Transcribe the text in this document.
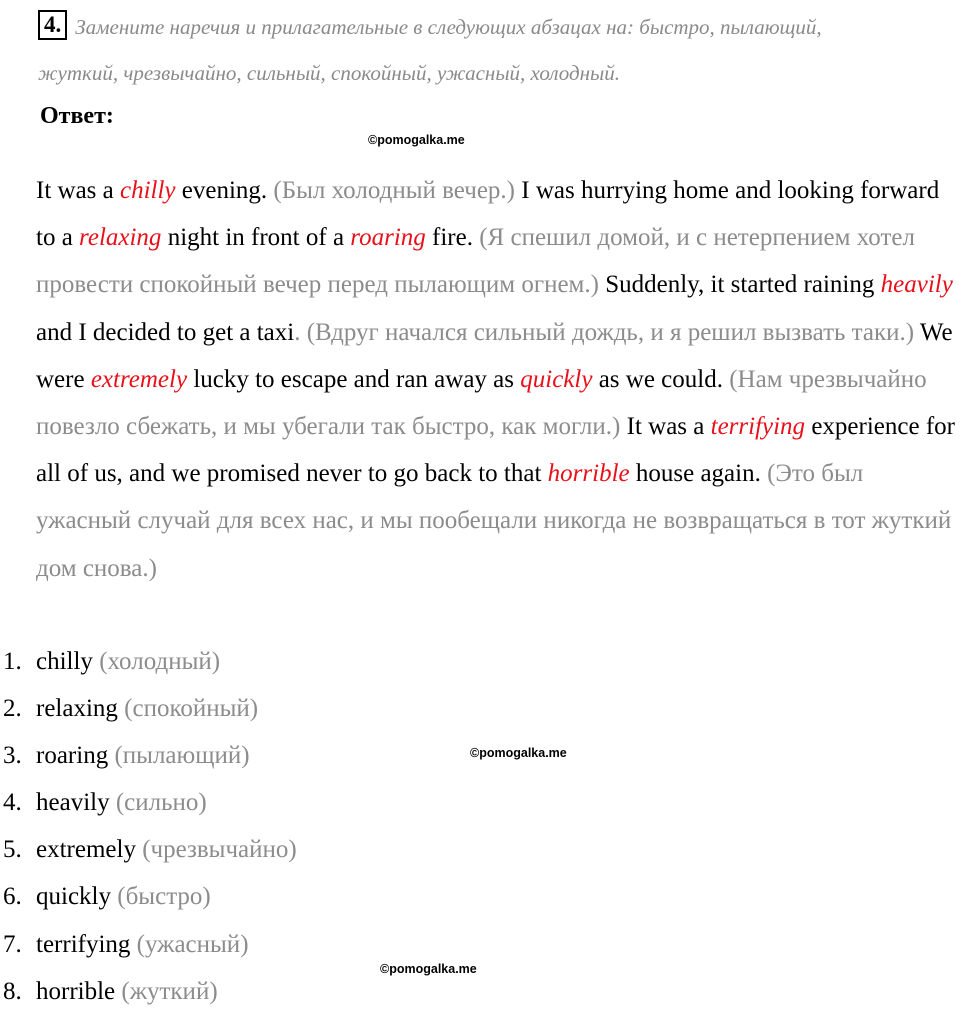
4. Замените наречия и прилагательные в следующих абзацах на: быстро, пылающий,
жуткий, чрезвычайно, сильный, спокойный, ужасный, холодный.
Ответ:
©pomogalka.me
©pomogalka.me
©pomogalka.me

It was a chilly evening. (Был холодный вечер.) I was hurrying home and looking forward to a relaxing night in front of a roaring fire. (Я спешил домой, и с нетерпением хотел провести спокойный вечер перед пылающим огнем.) Suddenly, it started raining heavily and I decided to get a taxi. (Вдруг начался сильный дождь, и я решил вызвать таки.) We were extremely lucky to escape and ran away as quickly as we could. (Нам чрезвычайно повезло сбежать, и мы убегали так быстро, как могли.) It was a terrifying experience for all of us, and we promised never to go back to that horrible house again. (Это был ужасный случай для всех нас, и мы пообещали никогда не возвращаться в тот жуткий дом снова.)

1. chilly (холодный)
2. relaxing (спокойный)
3. roaring (пылающий)
4. heavily (сильно)
5. extremely (чрезвычайно)
6. quickly (быстро)
7. terrifying (ужасный)
8. horrible (жуткий)
